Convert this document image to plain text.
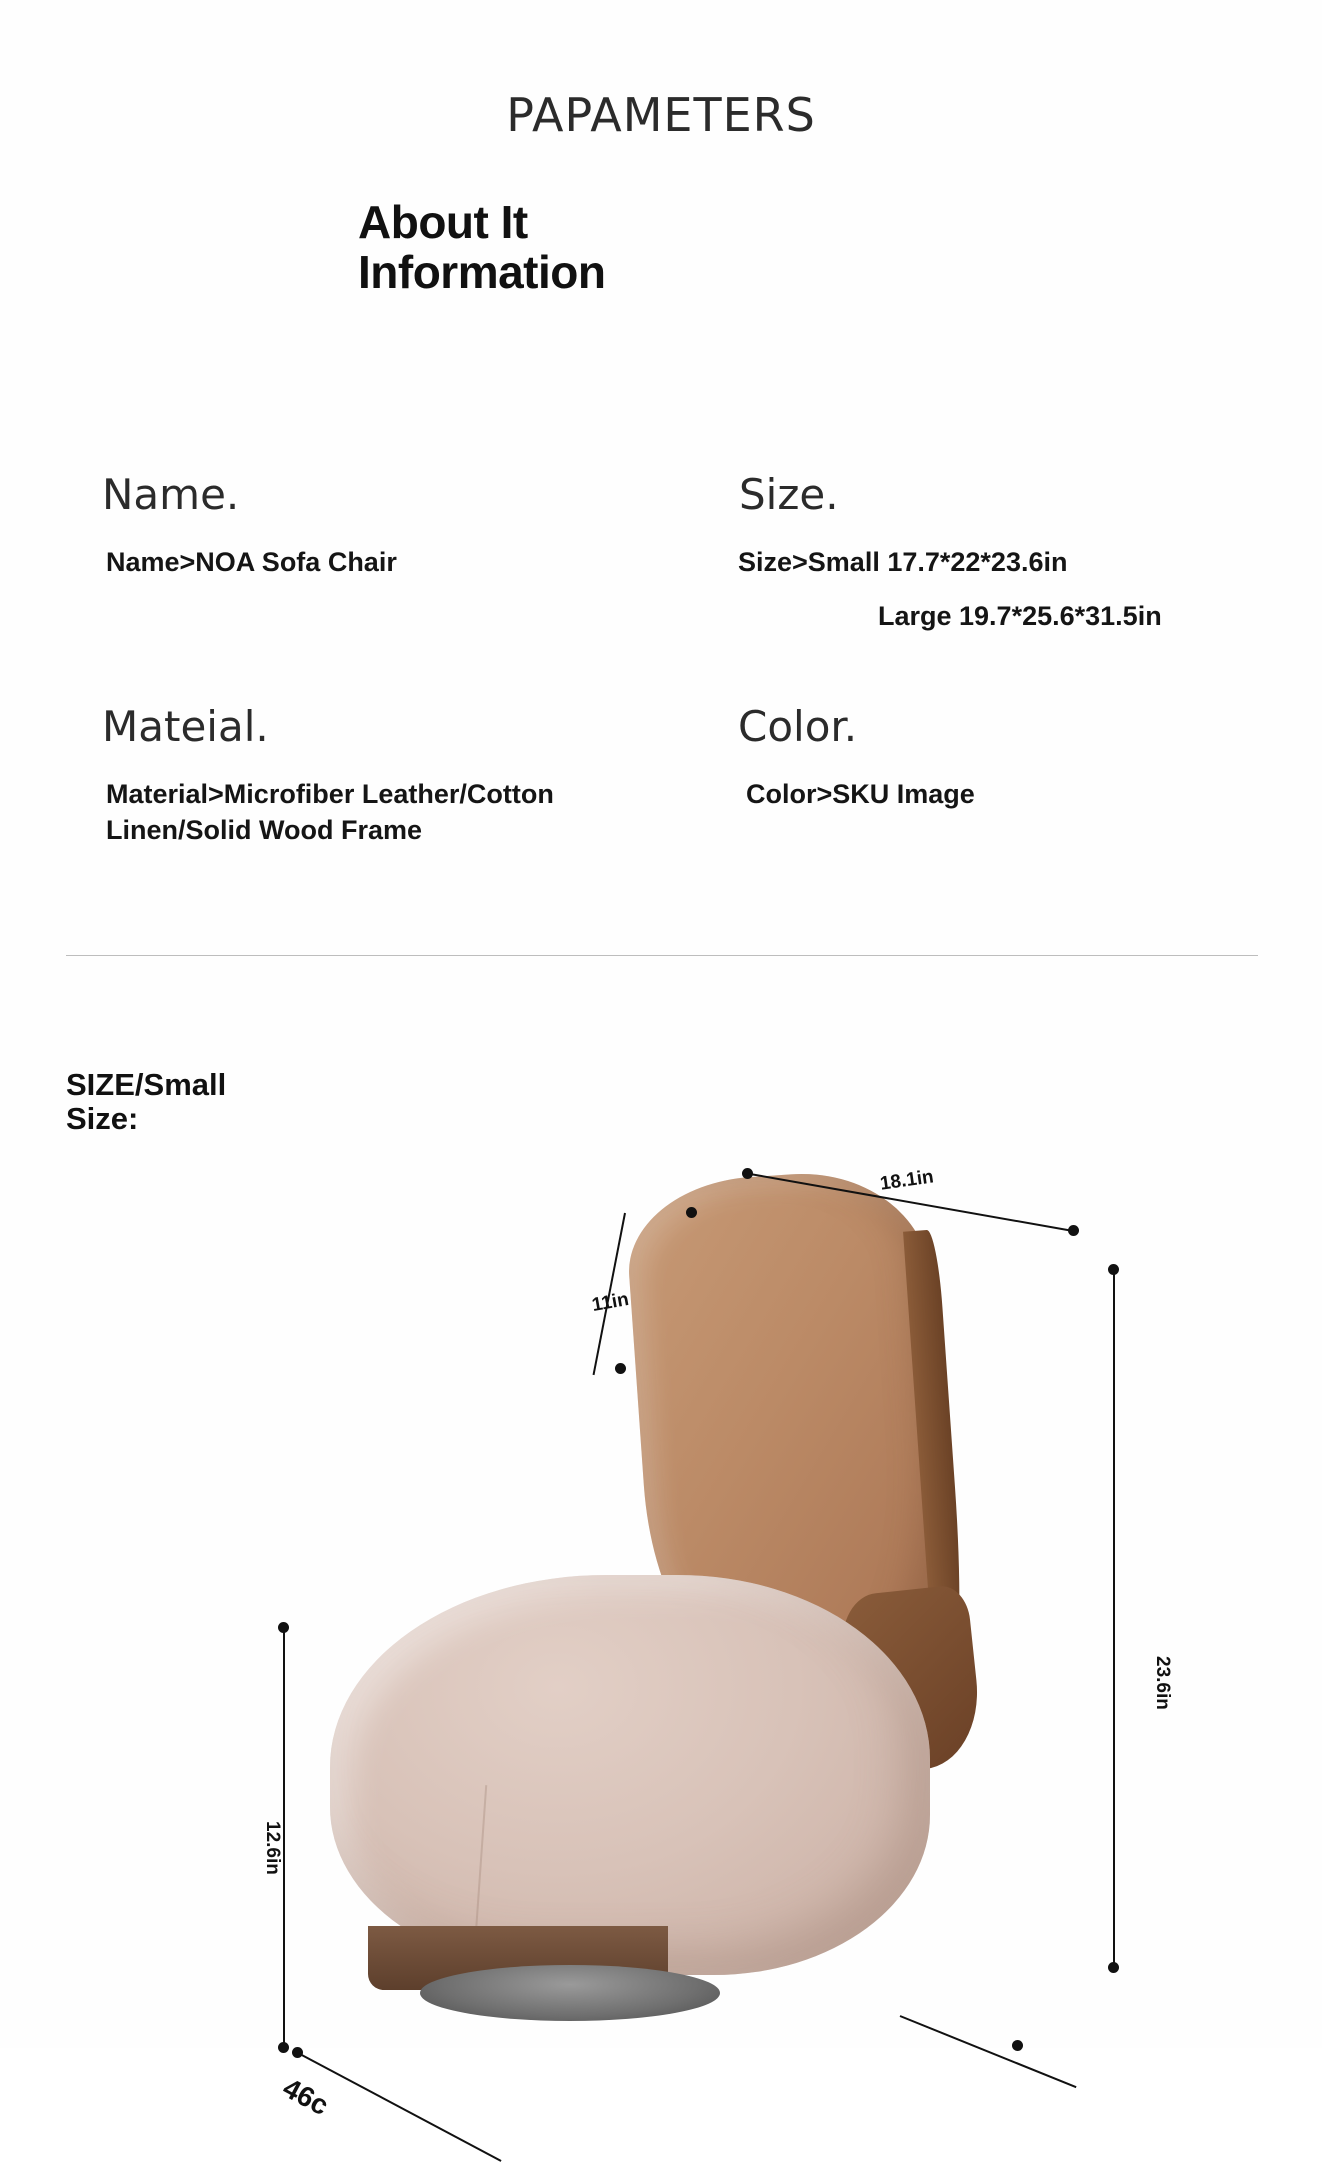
PAPAMETERS
About It
Information
Name.
Name>NOA Sofa Chair
Size.
Size>Small 17.7*22*23.6in
Large 19.7*25.6*31.5in
Mateial.
Material>Microfiber Leather/Cotton Linen/Solid Wood Frame
Color.
Color>SKU Image
SIZE/Small
Size:
18.1in
11in
23.6in
12.6in
46c
